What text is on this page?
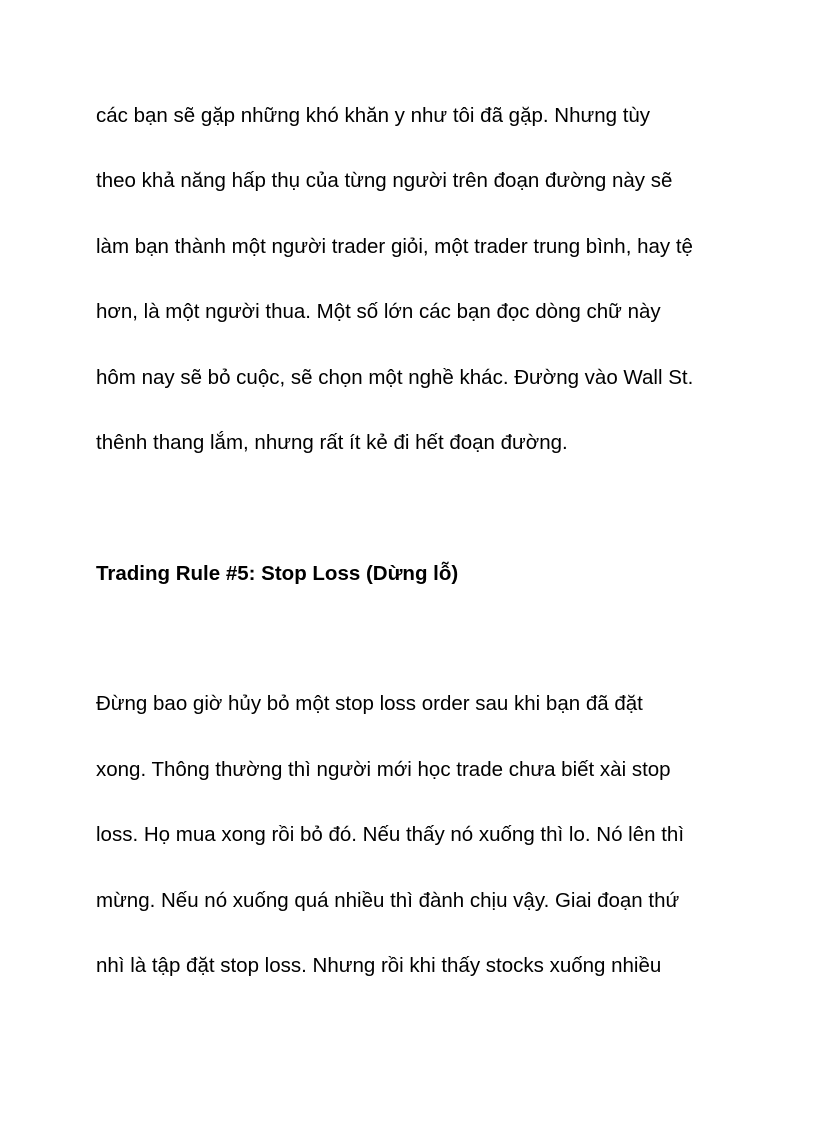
các bạn sẽ gặp những khó khăn y như tôi đã gặp. Nhưng tùy
theo khả năng hấp thụ của từng người trên đoạn đường này sẽ
làm bạn thành một người trader giỏi, một trader trung bình, hay tệ
hơn, là một người thua. Một số lớn các bạn đọc dòng chữ này
hôm nay sẽ bỏ cuộc, sẽ chọn một nghề khác. Đường vào Wall St.
thênh thang lắm, nhưng rất ít kẻ đi hết đoạn đường.
Trading Rule #5: Stop Loss (Dừng lỗ)
Đừng bao giờ hủy bỏ một stop loss order sau khi bạn đã đặt
xong. Thông thường thì người mới học trade chưa biết xài stop
loss. Họ mua xong rồi bỏ đó. Nếu thấy nó xuống thì lo. Nó lên thì
mừng. Nếu nó xuống quá nhiều thì đành chịu vậy. Giai đoạn thứ
nhì là tập đặt stop loss. Nhưng rồi khi thấy stocks xuống nhiều
